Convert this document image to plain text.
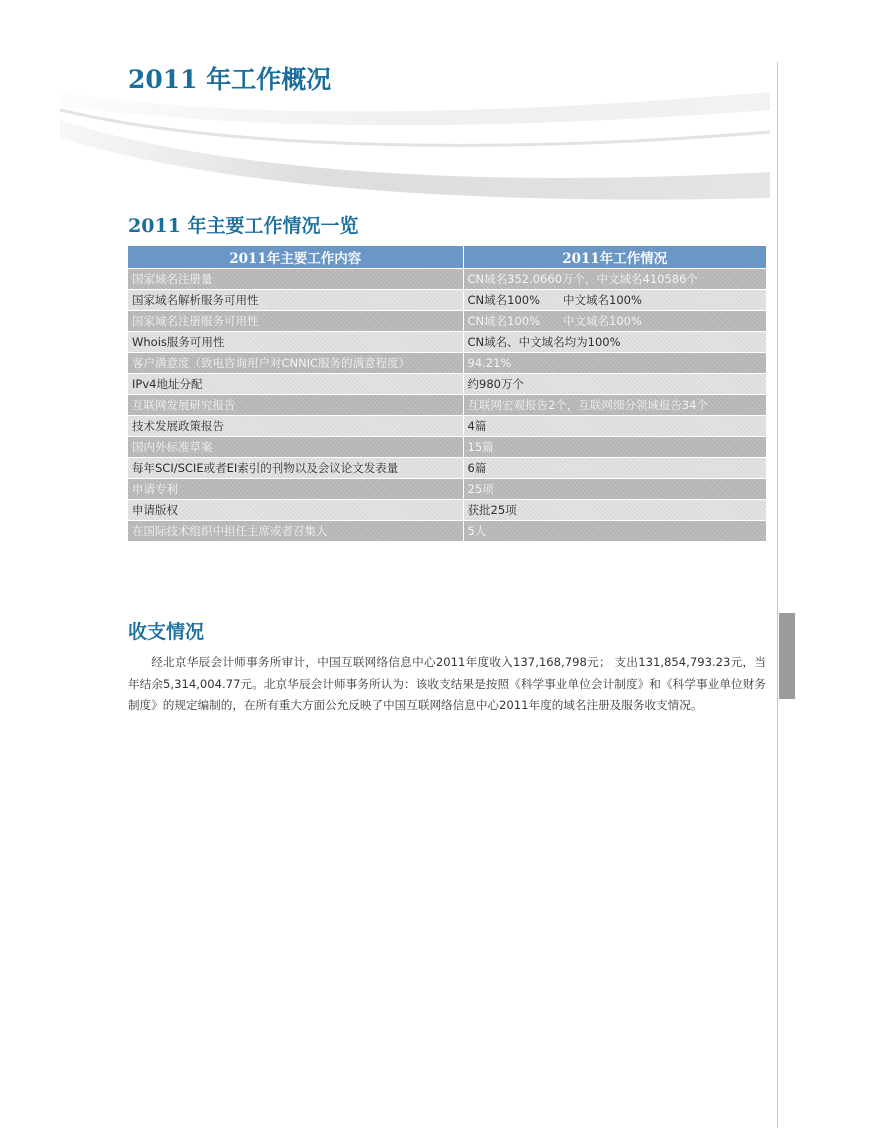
2011 年工作概况
2011 年主要工作情况一览
2011年主要工作内容	2011年工作情况
国家域名注册量	CN域名352.0660万个，中文域名410586个
国家域名解析服务可用性	CN域名100%　　中文域名100%
国家域名注册服务可用性	CN域名100%　　中文域名100%
Whois服务可用性	CN域名、中文域名均为100%
客户满意度（致电咨询用户对CNNIC服务的满意程度）	94.21%
IPv4地址分配	约980万个
互联网发展研究报告	互联网宏观报告2个，互联网细分领域报告34个
技术发展政策报告	4篇
国内外标准草案	15篇
每年SCI/SCIE或者EI索引的刊物以及会议论文发表量	6篇
申请专利	25项
申请版权	获批25项
在国际技术组织中担任主席或者召集人	5人
收支情况

经北京华辰会计师事务所审计，中国互联网络信息中心2011年度收入137,168,798元； 支出131,854,793.23元，当年结余5,314,004.77元。北京华辰会计师事务所认为：该收支结果是按照《科学事业单位会计制度》和《科学事业单位财务制度》的规定编制的，在所有重大方面公允反映了中国互联网络信息中心2011年度的域名注册及服务收支情况。
